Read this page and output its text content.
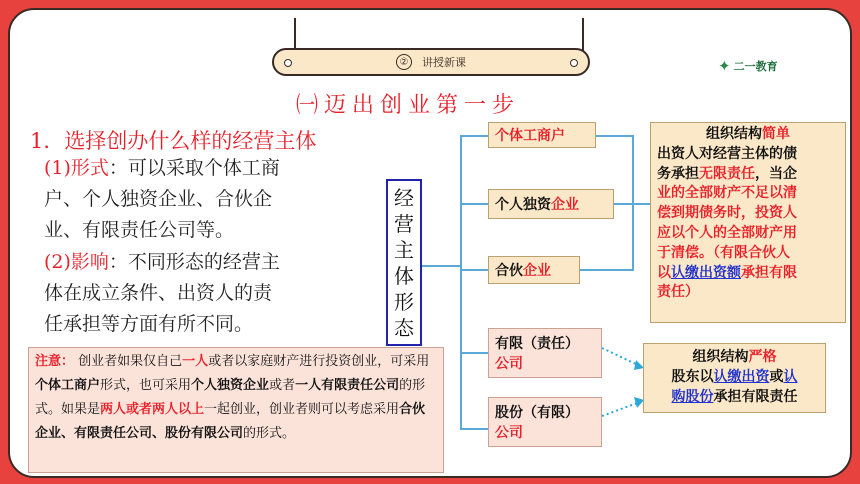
②	讲授新课	✦ 二一教育
㈠迈出创业第一步
1．选择创办什么样的经营主体
(1)形式：可以采取个体工商
户、个人独资企业、合伙企
业、有限责任公司等。
(2)影响：不同形态的经营主
体在成立条件、出资人的责
任承担等方面有所不同。
经
营
主
体
形
态
个体工商户
个人独资 企业
合伙 企业
有限（责任）
公司
股份（有限）
公司
组织结构简单
出资人对经营主体的债
务承担无限责任，当企
业的全部财产不足以清
偿到期债务时，投资人
应以个人的全部财产用
于清偿。（有限合伙人
以认缴出资额承担有限
责任）
组织结构严格
股东以认缴出资或认
购股份承担有限责任
注意： 创业者如果仅自己一人或者以家庭财产进行投资创业，可采用个体工商户形式，也可采用个人独资企业或者一人有限责任公司的形式。如果是两人或者两人以上一起创业，创业者则可以考虑采用合伙企业、有限责任公司、股份有限公司的形式。
